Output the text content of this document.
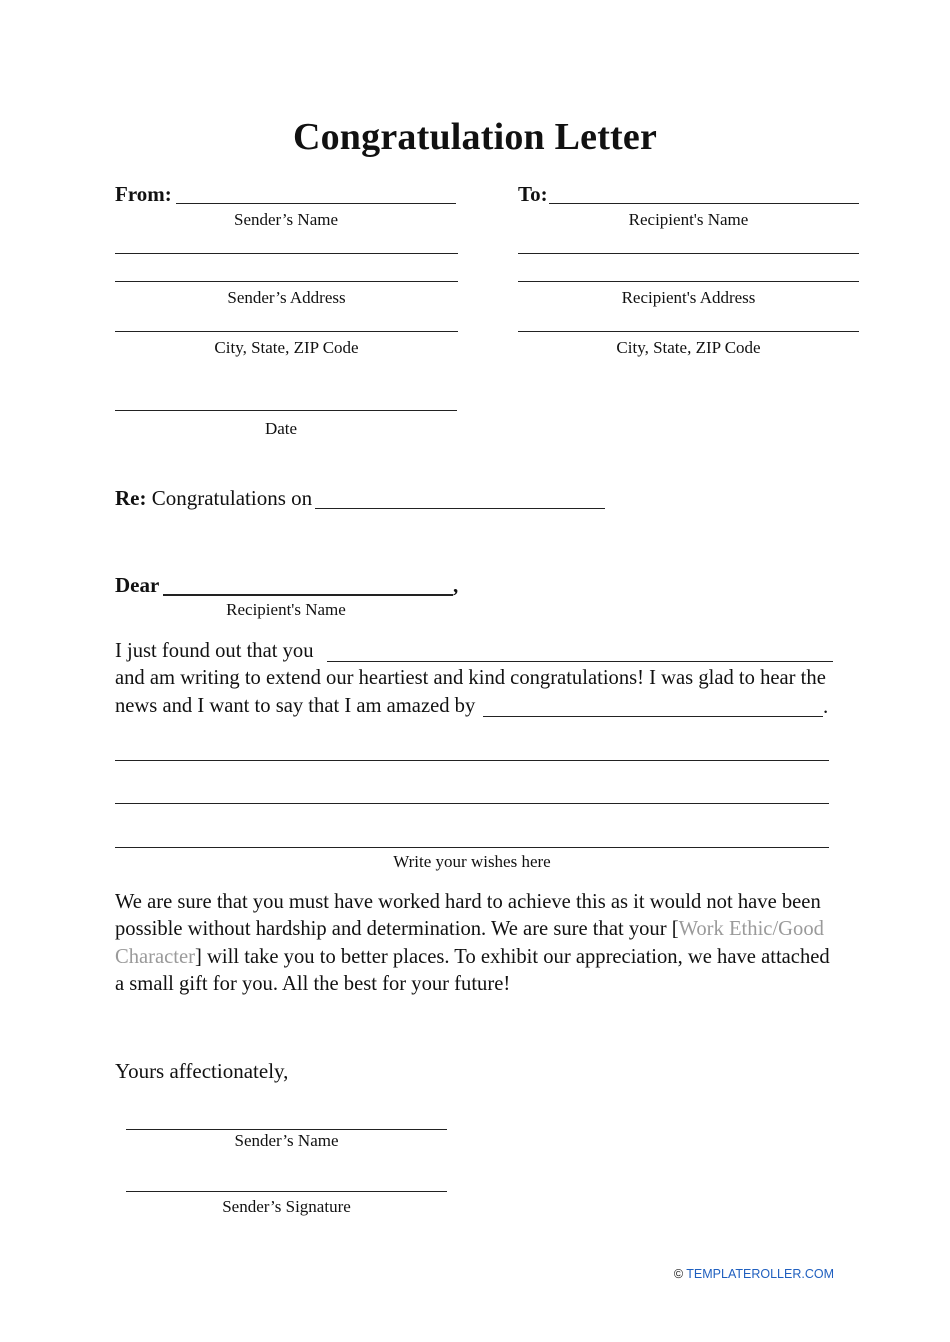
Congratulation Letter
From:
Sender’s Name
Sender’s Address
City, State, ZIP Code
Date
To:
Recipient's Name
Recipient's Address
City, State, ZIP Code
Re: Congratulations on
Dear	,
Recipient's Name
I just found out that you
and am writing to extend our heartiest and kind congratulations! I was glad to hear the
news and I want to say that I am amazed by	.
Write your wishes here
We are sure that you must have worked hard to achieve this as it would not have been possible without hardship and determination. We are sure that your [Work Ethic/Good Character] will take you to better places. To exhibit our appreciation, we have attached a small gift for you. All the best for your future!
Yours affectionately,
Sender’s Name
Sender’s Signature
© TEMPLATEROLLER.COM
